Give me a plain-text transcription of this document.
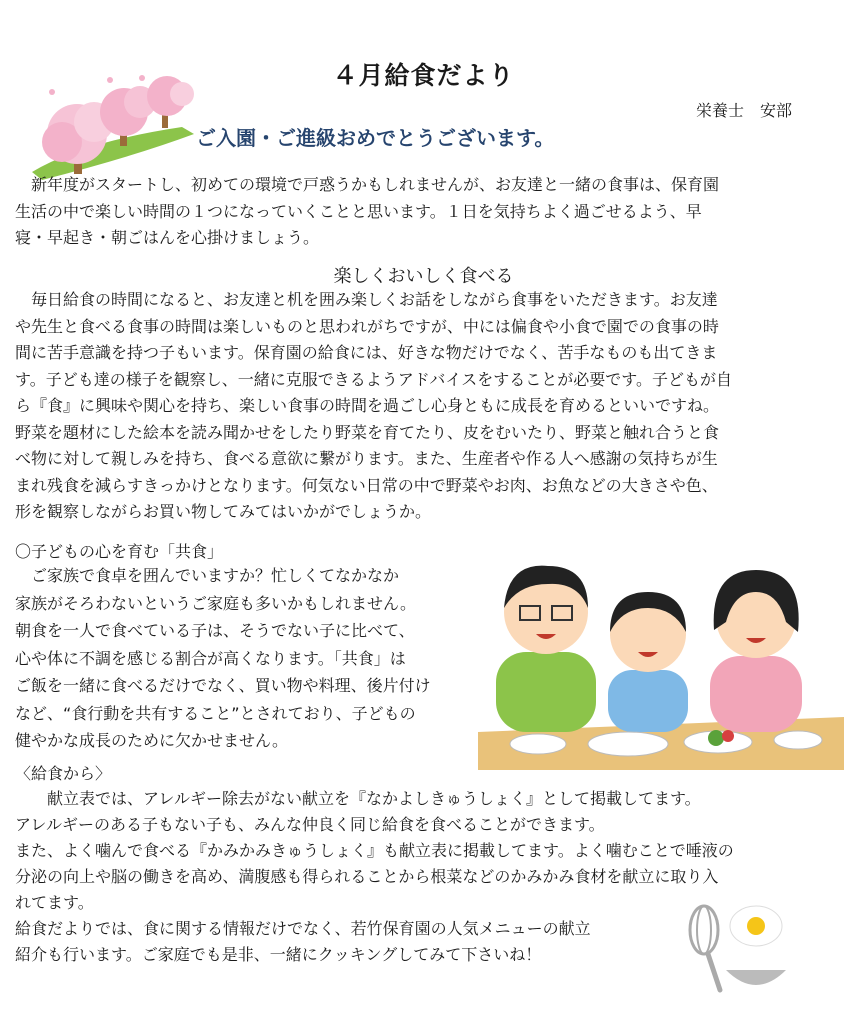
４月給食だより
栄養士　安部
ご入園・ご進級おめでとうございます。

　新年度がスタートし、初めての環境で戸惑うかもしれませんが、お友達と一緒の食事は、保育園
生活の中で楽しい時間の１つになっていくことと思います。１日を気持ちよく過ごせるよう、早
寝・早起き・朝ごはんを心掛けましょう。

楽しくおいしく食べる

　毎日給食の時間になると、お友達と机を囲み楽しくお話をしながら食事をいただきます。お友達
や先生と食べる食事の時間は楽しいものと思われがちですが、中には偏食や小食で園での食事の時
間に苦手意識を持つ子もいます。保育園の給食には、好きな物だけでなく、苦手なものも出てきま
す。子ども達の様子を観察し、一緒に克服できるようアドバイスをすることが必要です。子どもが自
ら『食』に興味や関心を持ち、楽しい食事の時間を過ごし心身ともに成長を育めるといいですね。
野菜を題材にした絵本を読み聞かせをしたり野菜を育てたり、皮をむいたり、野菜と触れ合うと食
べ物に対して親しみを持ち、食べる意欲に繋がります。また、生産者や作る人へ感謝の気持ちが生
まれ残食を減らすきっかけとなります。何気ない日常の中で野菜やお肉、お魚などの大きさや色、
形を観察しながらお買い物してみてはいかがでしょうか。

〇子どもの心を育む「共食」

　ご家族で食卓を囲んでいますか？忙しくてなかなか
家族がそろわないというご家庭も多いかもしれません。
朝食を一人で食べている子は、そうでない子に比べて、
心や体に不調を感じる割合が高くなります。「共食」は
ご飯を一緒に食べるだけでなく、買い物や料理、後片付け
など、“食行動を共有すること”とされており、子どもの
健やかな成長のために欠かせません。

〈給食から〉

　　献立表では、アレルギー除去がない献立を『なかよしきゅうしょく』として掲載してます。
アレルギーのある子もない子も、みんな仲良く同じ給食を食べることができます。
また、よく噛んで食べる『かみかみきゅうしょく』も献立表に掲載してます。よく噛むことで唾液の
分泌の向上や脳の働きを高め、満腹感も得られることから根菜などのかみかみ食材を献立に取り入
れてます。
給食だよりでは、食に関する情報だけでなく、若竹保育園の人気メニューの献立
紹介も行います。ご家庭でも是非、一緒にクッキングしてみて下さいね！
